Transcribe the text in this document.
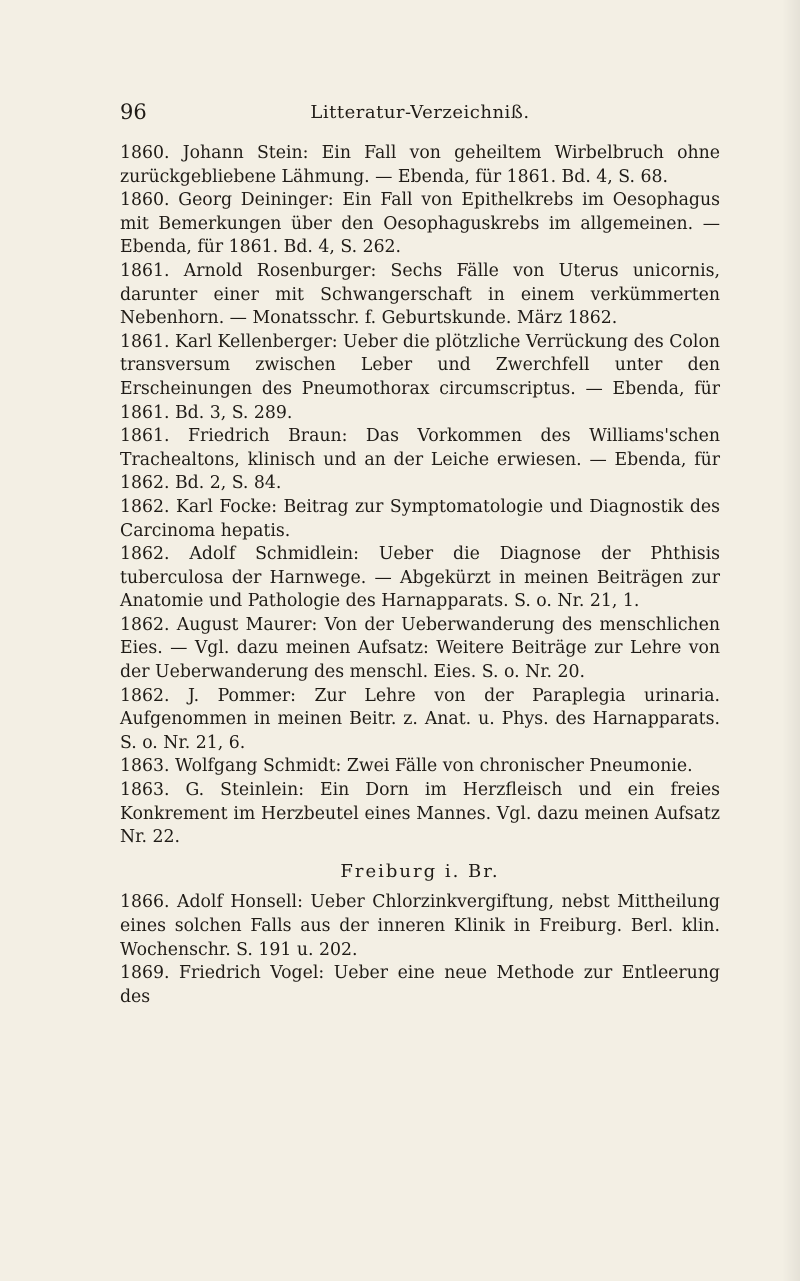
96	Litteratur-Verzeichniß.

1860. Johann Stein: Ein Fall von geheiltem Wirbelbruch ohne zurückgebliebene Lähmung. — Ebenda, für 1861. Bd. 4, S. 68.

1860. Georg Deininger: Ein Fall von Epithelkrebs im Oesophagus mit Bemerkungen über den Oesophaguskrebs im allgemeinen. — Ebenda, für 1861. Bd. 4, S. 262.

1861. Arnold Rosenburger: Sechs Fälle von Uterus unicornis, darunter einer mit Schwangerschaft in einem verkümmerten Nebenhorn. — Monatsschr. f. Geburtskunde. März 1862.

1861. Karl Kellenberger: Ueber die plötzliche Verrückung des Colon transversum zwischen Leber und Zwerchfell unter den Erscheinungen des Pneumothorax circumscriptus. — Ebenda, für 1861. Bd. 3, S. 289.

1861. Friedrich Braun: Das Vorkommen des Williams'schen Trachealtons, klinisch und an der Leiche erwiesen. — Ebenda, für 1862. Bd. 2, S. 84.

1862. Karl Focke: Beitrag zur Symptomatologie und Diagnostik des Carcinoma hepatis.

1862. Adolf Schmidlein: Ueber die Diagnose der Phthisis tuberculosa der Harnwege. — Abgekürzt in meinen Beiträgen zur Anatomie und Pathologie des Harnapparats. S. o. Nr. 21, 1.

1862. August Maurer: Von der Ueberwanderung des menschlichen Eies. — Vgl. dazu meinen Aufsatz: Weitere Beiträge zur Lehre von der Ueberwanderung des menschl. Eies. S. o. Nr. 20.

1862. J. Pommer: Zur Lehre von der Paraplegia urinaria. Aufgenommen in meinen Beitr. z. Anat. u. Phys. des Harnapparats. S. o. Nr. 21, 6.

1863. Wolfgang Schmidt: Zwei Fälle von chronischer Pneumonie.

1863. G. Steinlein: Ein Dorn im Herzfleisch und ein freies Konkrement im Herzbeutel eines Mannes. Vgl. dazu meinen Aufsatz Nr. 22.

Freiburg i. Br.

1866. Adolf Honsell: Ueber Chlorzinkvergiftung, nebst Mittheilung eines solchen Falls aus der inneren Klinik in Freiburg. Berl. klin. Wochenschr. S. 191 u. 202.

1869. Friedrich Vogel: Ueber eine neue Methode zur Entleerung des
